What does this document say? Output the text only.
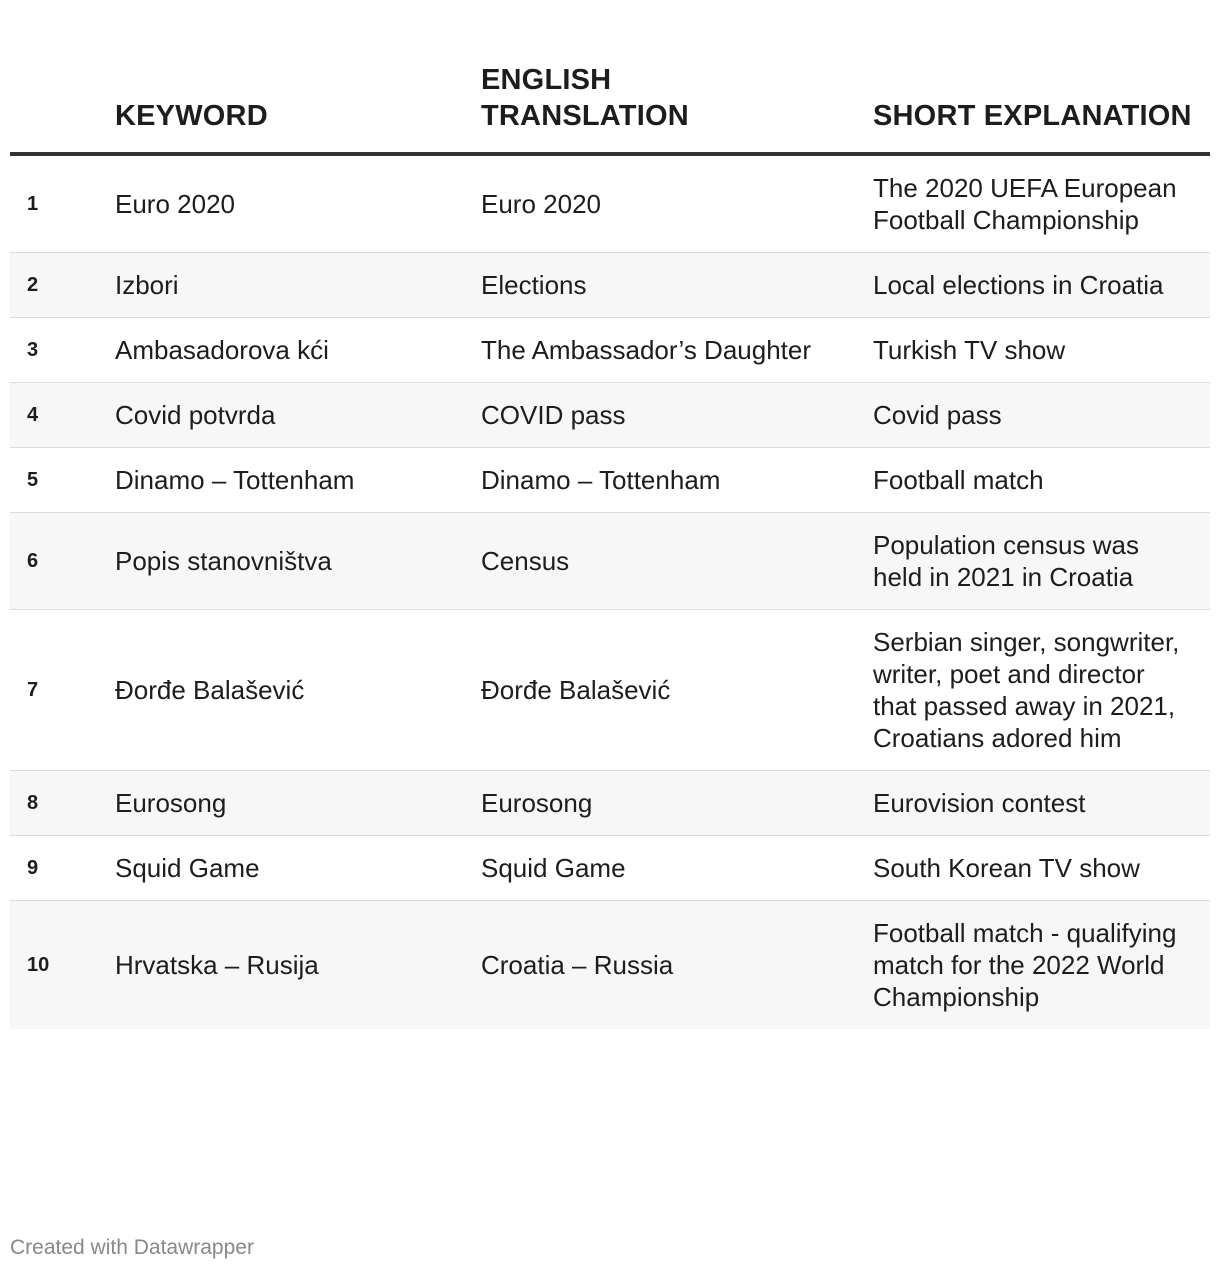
	KEYWORD	ENGLISH
TRANSLATION	SHORT EXPLANATION
1	Euro 2020	Euro 2020	The 2020 UEFA European Football Championship
2	Izbori	Elections	Local elections in Croatia
3	Ambasadorova kći	The Ambassador’s Daughter	Turkish TV show
4	Covid potvrda	COVID pass	Covid pass
5	Dinamo – Tottenham	Dinamo – Tottenham	Football match
6	Popis stanovništva	Census	Population census was held in 2021 in Croatia
7	Đorđe Balašević	Đorđe Balašević	Serbian singer, songwriter, writer, poet and director that passed away in 2021, Croatians adored him
8	Eurosong	Eurosong	Eurovision contest
9	Squid Game	Squid Game	South Korean TV show
10	Hrvatska – Rusija	Croatia – Russia	Football match - qualifying match for the 2022 World Championship
Created with Datawrapper
